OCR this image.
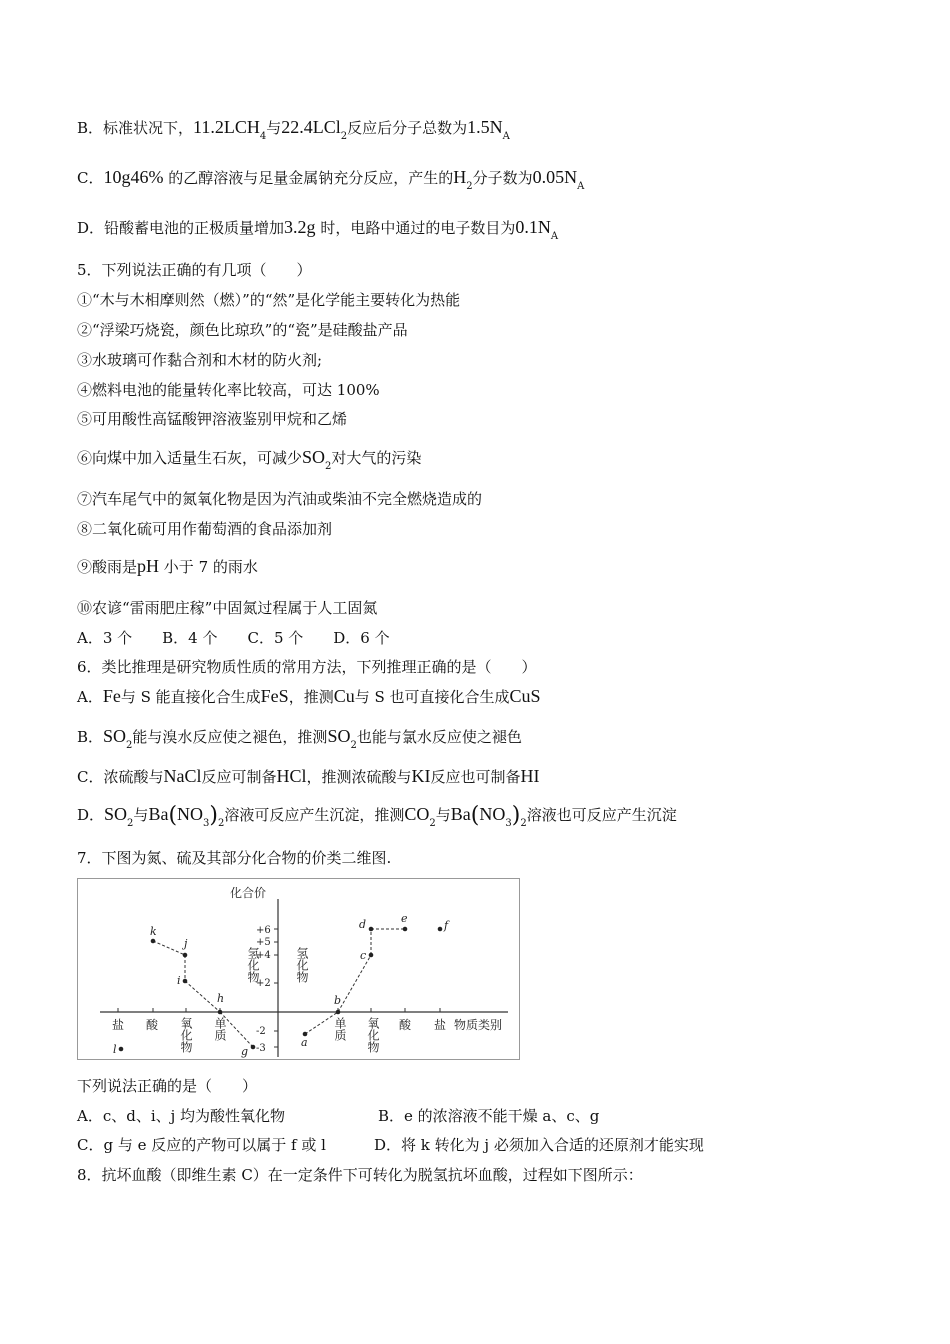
B．标准状况下，$11.2LCH_4$与22.4LCl$_2$反应后分子总数为$1.5N_A$
C．10g46% 的乙醇溶液与足量金属钠充分反应，产生的$H_2$分子数为$0.05N_A$
D．铅酸蓄电池的正极质量增加3.2g 时，电路中通过的电子数目为$0.1N_A$
5．下列说法正确的有几项（　　）
①“木与木相摩则然（燃）”的“然”是化学能主要转化为热能
②“浮梁巧烧瓷，颜色比琼玖”的“瓷”是硅酸盐产品
③水玻璃可作黏合剂和木材的防火剂;
④燃料电池的能量转化率比较高，可达 100%
⑤可用酸性高锰酸钾溶液鉴别甲烷和乙烯
⑥向煤中加入适量生石灰，可减少$SO_2$对大气的污染
⑦汽车尾气中的氮氧化物是因为汽油或柴油不完全燃烧造成的
⑧二氧化硫可用作葡萄酒的食品添加剂
⑨酸雨是pH 小于 7 的雨水
⑩农谚“雷雨肥庄稼”中固氮过程属于人工固氮
A．3 个　　B．4 个　　C．5 个　　D．6 个
6．类比推理是研究物质性质的常用方法，下列推理正确的是（　　）
A．Fe与 S 能直接化合生成FeS，推测Cu与 S 也可直接化合生成CuS
B．$SO_2$能与溴水反应使之褪色，推测$SO_2$也能与氯水反应使之褪色
C．浓硫酸与NaCl反应可制备HCl，推测浓硫酸与KI反应也可制备HI
D．$SO_2$与$Ba(NO_3)_2$溶液可反应产生沉淀，推测$CO_2$与$Ba(NO_3)_2$溶液也可反应产生沉淀
7．下图为氮、硫及其部分化合物的价类二维图.
化合价
+6
+5
+4
+2
-2
-3
氢化物	氢化物
盐 酸 氧化物 单质	单质 氧化物 酸 盐 物质类别
k
j
i
h
g
a
b
c
d	e
f
l
下列说法正确的是（　　）
A．c、d、i、j 均为酸性氧化物	B．e 的浓溶液不能干燥 a、c、g
C．g 与 e 反应的产物可以属于 f 或 l	D．将 k 转化为 j 必须加入合适的还原剂才能实现
8．抗坏血酸（即维生素 C）在一定条件下可转化为脱氢抗坏血酸，过程如下图所示：
